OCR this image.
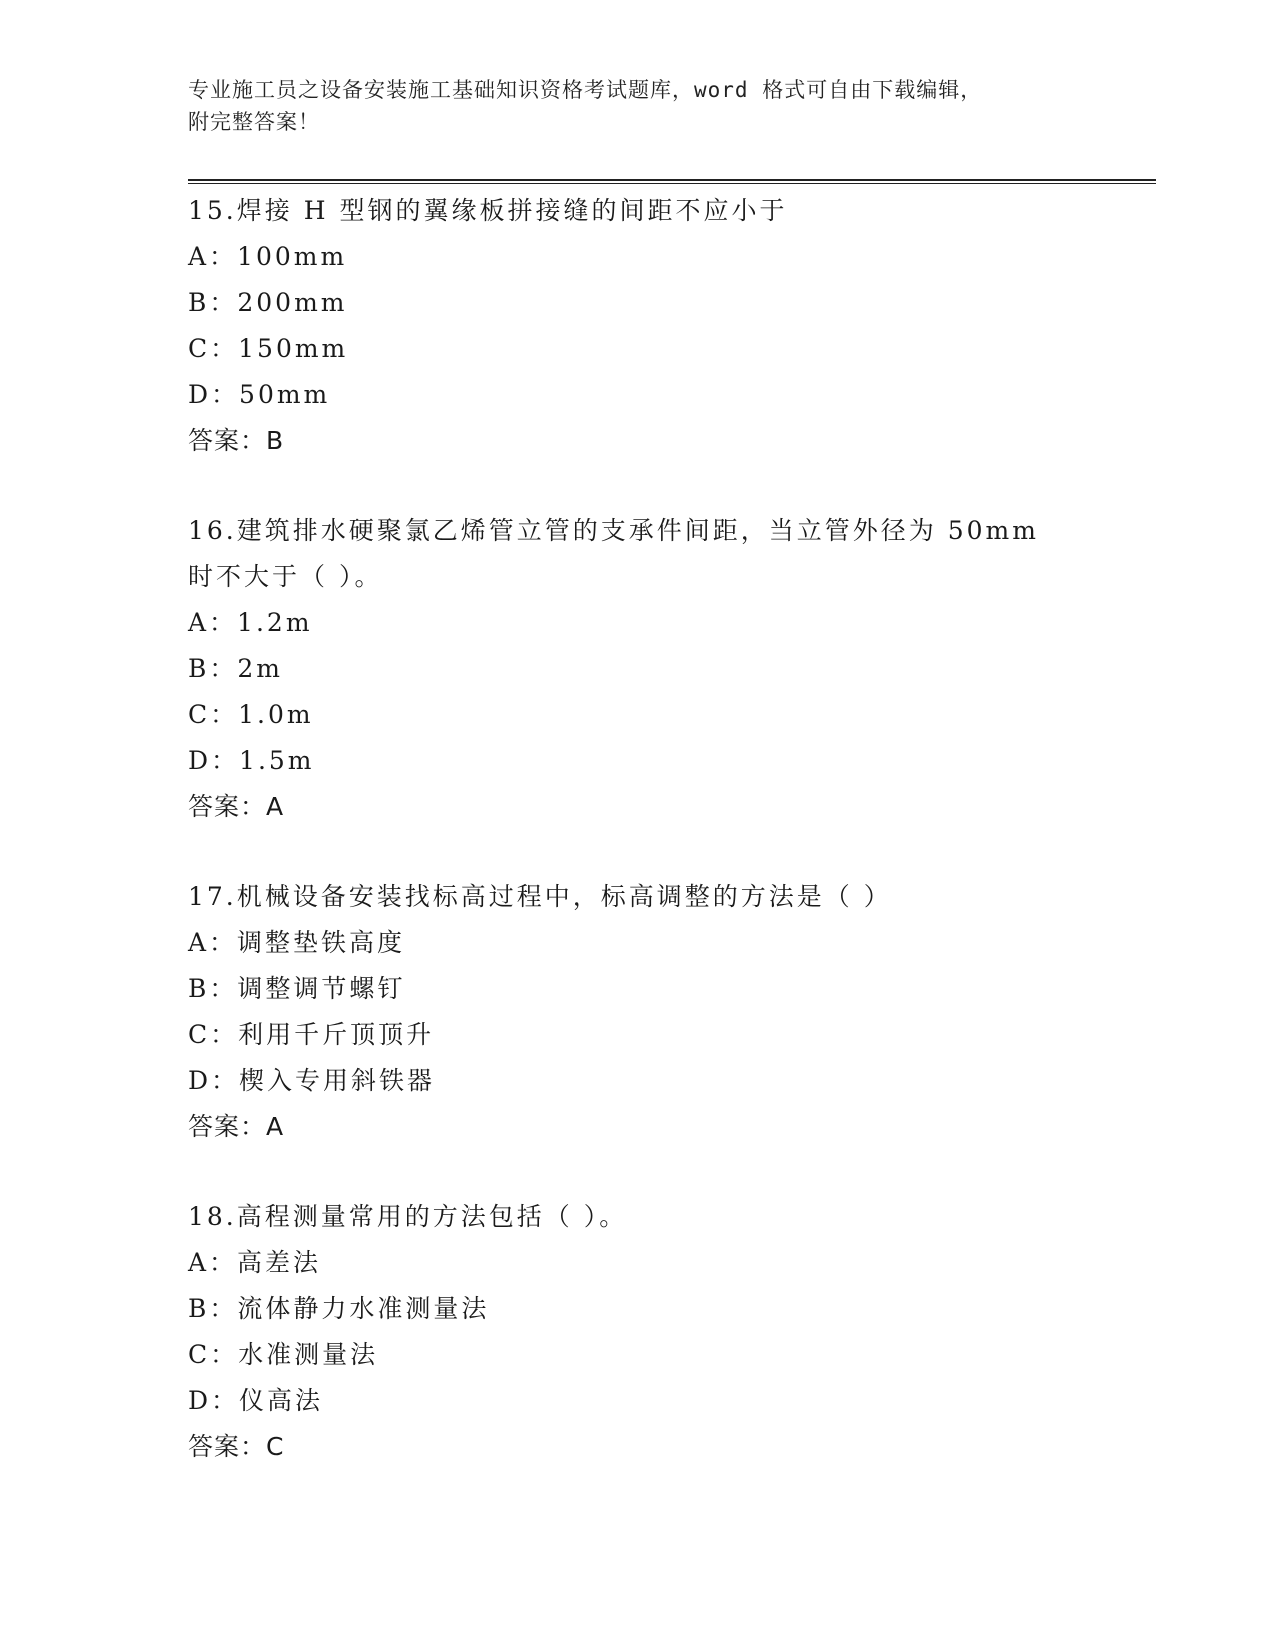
专业施工员之设备安装施工基础知识资格考试题库，word 格式可自由下载编辑，
附完整答案！
15.焊接 H 型钢的翼缘板拼接缝的间距不应小于
A：100mm
B：200mm
C：150mm
D：50mm
答案：B
16.建筑排水硬聚氯乙烯管立管的支承件间距，当立管外径为 50mm 时不大于（ ）。
A：1.2m
B：2m
C：1.0m
D：1.5m
答案：A
17.机械设备安装找标高过程中，标高调整的方法是（ ）
A：调整垫铁高度
B：调整调节螺钉
C：利用千斤顶顶升
D：楔入专用斜铁器
答案：A
18.高程测量常用的方法包括（ ）。
A：高差法
B：流体静力水准测量法
C：水准测量法
D：仪高法
答案：C
